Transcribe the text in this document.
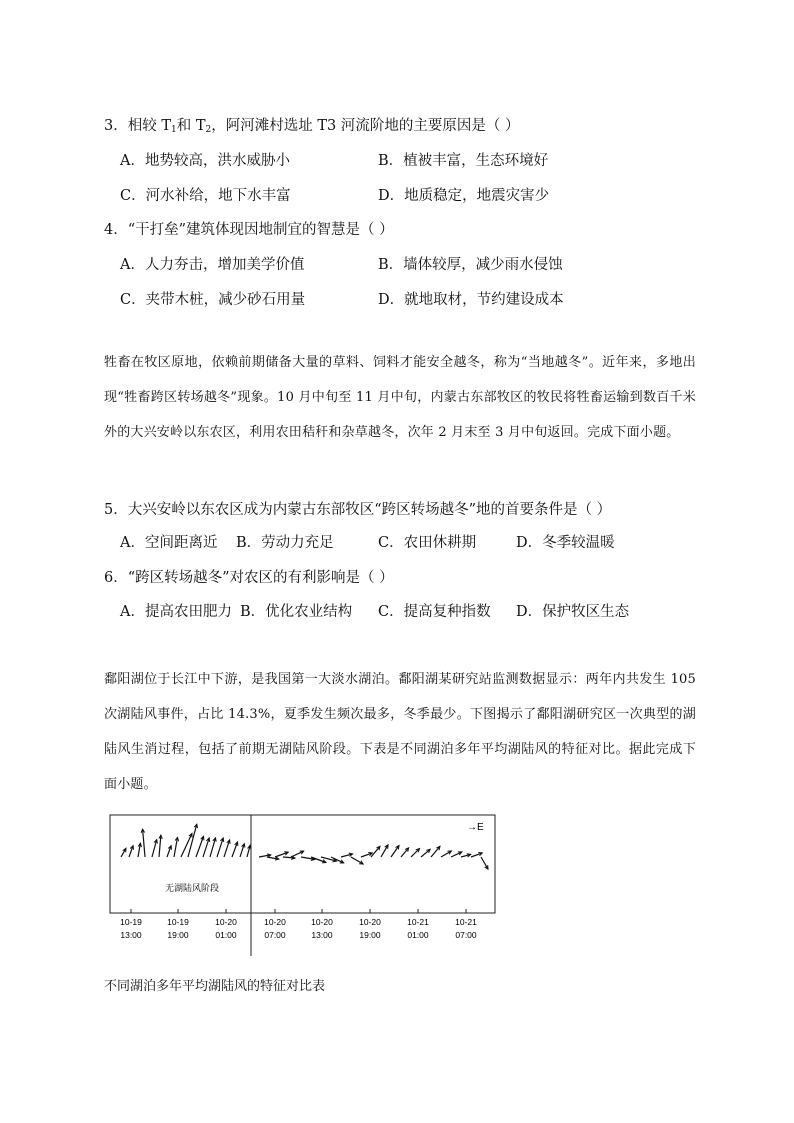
3．相较 $T_1$和 $T_2$，阿河滩村选址 T3 河流阶地的主要原因是（ ）
A．地势较高，洪水威胁小	B．植被丰富，生态环境好
C．河水补给，地下水丰富	D．地质稳定，地震灾害少
4．“干打垒”建筑体现因地制宜的智慧是（ ）
A．人力夯击，增加美学价值	B．墙体较厚，减少雨水侵蚀
C．夹带木桩，减少砂石用量	D．就地取材，节约建设成本
牲畜在牧区原地，依赖前期储备大量的草料、饲料才能安全越冬，称为“当地越冬”。近年来，多地出现“牲畜跨区转场越冬”现象。10 月中旬至 11 月中旬，内蒙古东部牧区的牧民将牲畜运输到数百千米外的大兴安岭以东农区，利用农田秸秆和杂草越冬，次年 2 月末至 3 月中旬返回。完成下面小题。
5．大兴安岭以东农区成为内蒙古东部牧区“跨区转场越冬”地的首要条件是（ ）
A．空间距离近 B．劳动力充足	C．农田休耕期	D．冬季较温暖
6．“跨区转场越冬”对农区的有利影响是（ ）
A．提高农田肥力 B．优化农业结构 C．提高复种指数 D．保护牧区生态
鄱阳湖位于长江中下游，是我国第一大淡水湖泊。鄱阳湖某研究站监测数据显示：两年内共发生 105 次湖陆风事件，占比 14.3%，夏季发生频次最多，冬季最少。下图揭示了鄱阳湖研究区一次典型的湖陆风生消过程，包括了前期无湖陆风阶段。下表是不同湖泊多年平均湖陆风的特征对比。据此完成下面小题。
→E
无湖陆风阶段
10-19
13:00
10-19
19:00
10-20
01:00
10-20
07:00
10-20
13:00
10-20
19:00
10-21
01:00
10-21
07:00
不同湖泊多年平均湖陆风的特征对比表
